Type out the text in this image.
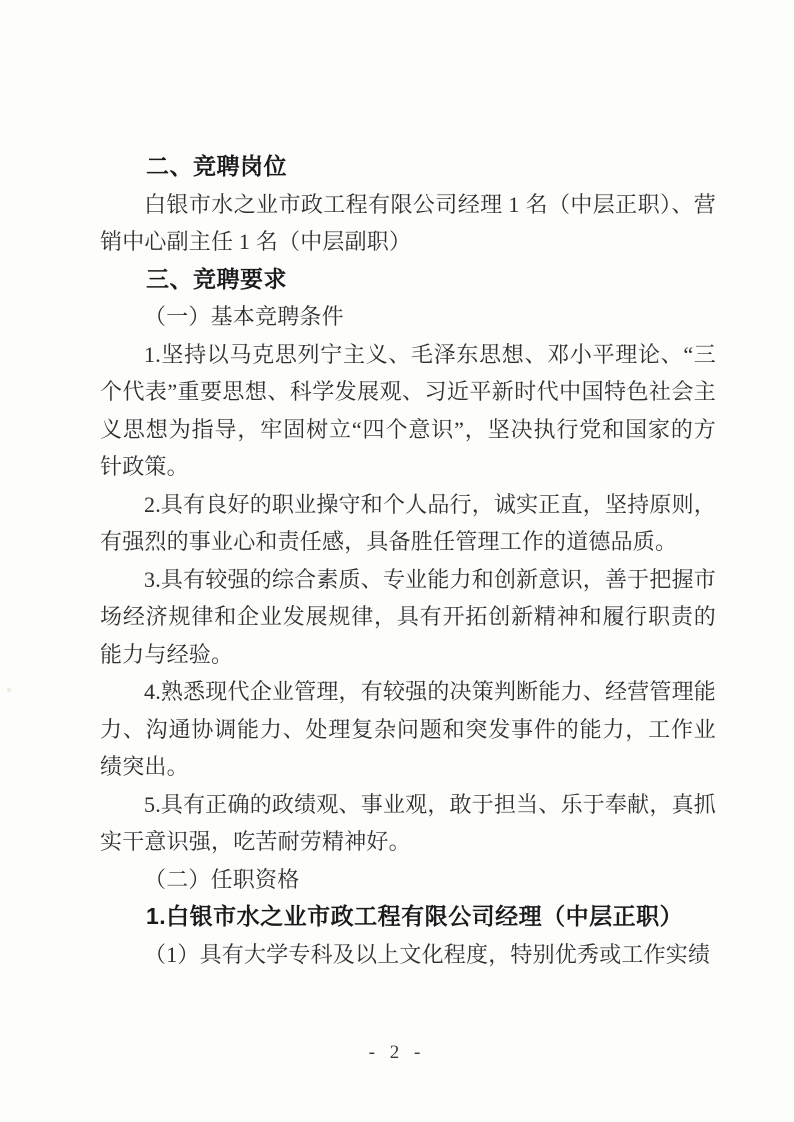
二、竞聘岗位

白银市水之业市政工程有限公司经理 1 名（中层正职）、营销中心副主任 1 名（中层副职）

三、竞聘要求

（一）基本竞聘条件

1.坚持以马克思列宁主义、毛泽东思想、邓小平理论、“三个代表”重要思想、科学发展观、习近平新时代中国特色社会主义思想为指导，牢固树立“四个意识”，坚决执行党和国家的方针政策。

2.具有良好的职业操守和个人品行，诚实正直，坚持原则，有强烈的事业心和责任感，具备胜任管理工作的道德品质。

3.具有较强的综合素质、专业能力和创新意识，善于把握市场经济规律和企业发展规律，具有开拓创新精神和履行职责的能力与经验。

4.熟悉现代企业管理，有较强的决策判断能力、经营管理能力、沟通协调能力、处理复杂问题和突发事件的能力，工作业绩突出。

5.具有正确的政绩观、事业观，敢于担当、乐于奉献，真抓实干意识强，吃苦耐劳精神好。

（二）任职资格

1.白银市水之业市政工程有限公司经理（中层正职）

（1）具有大学专科及以上文化程度，特别优秀或工作实绩

- 2 -
